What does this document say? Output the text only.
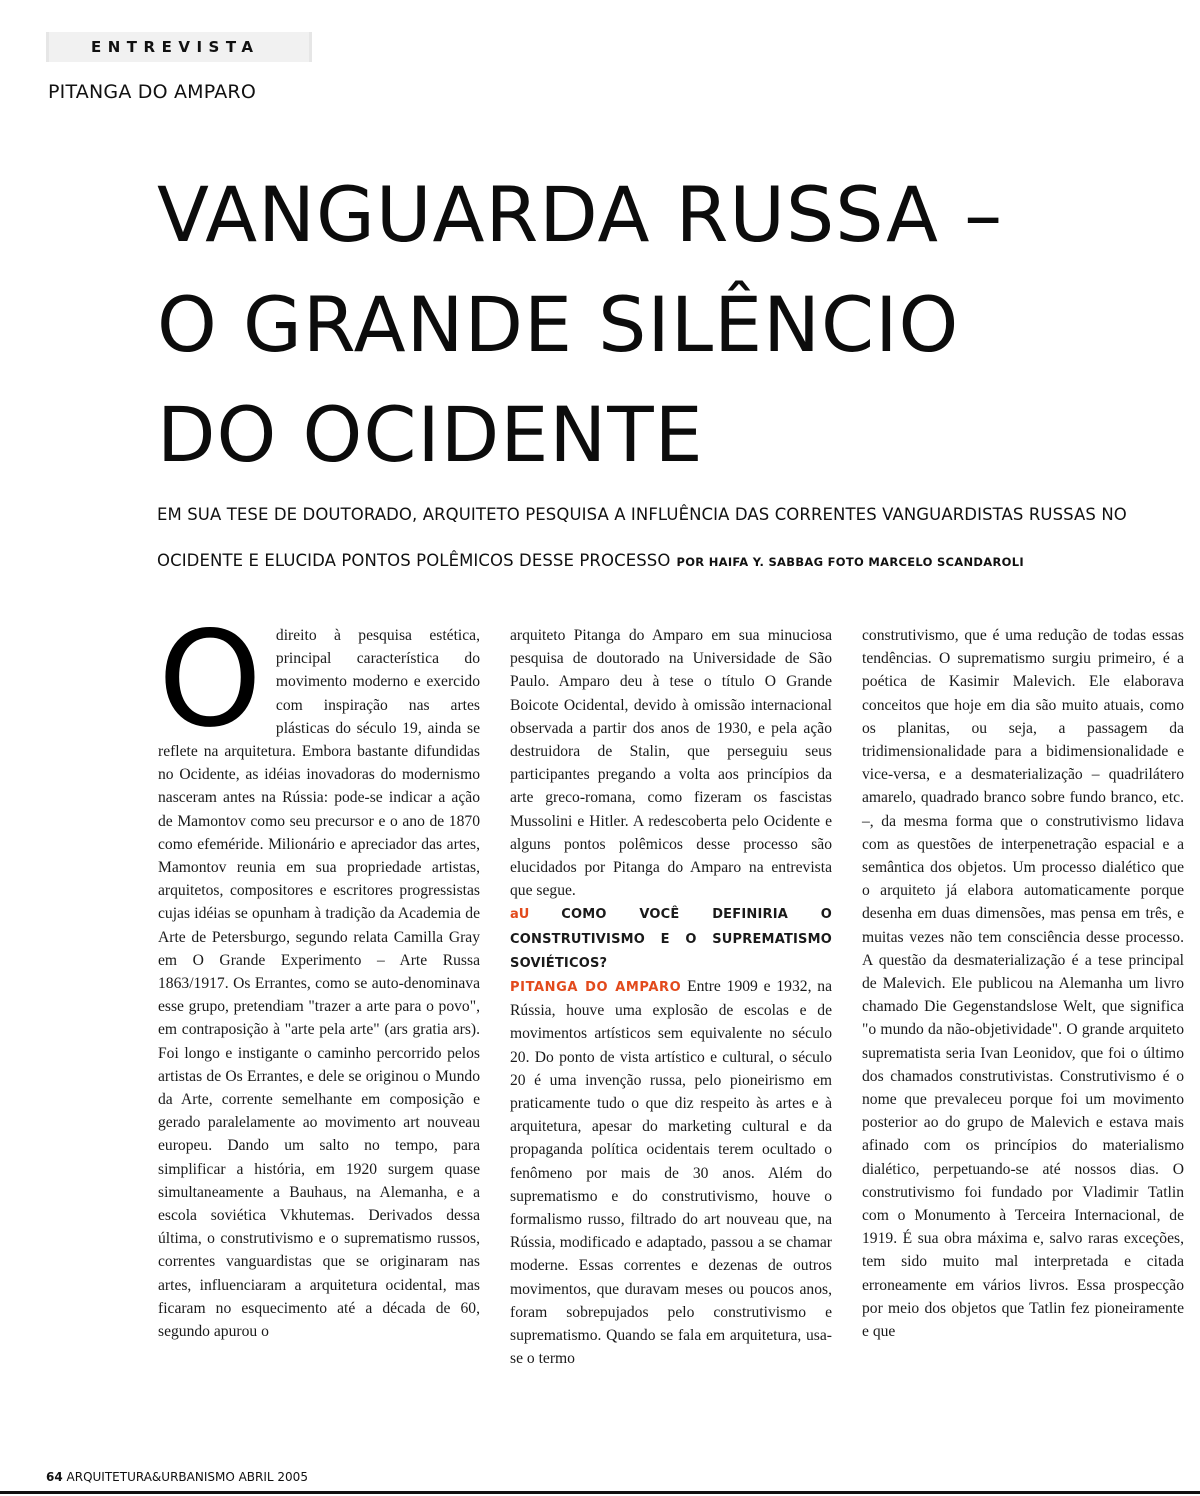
ENTREVISTA
PITANGA DO AMPARO
VANGUARDA RUSSA –
O GRANDE SILÊNCIO
DO OCIDENTE
EM SUA TESE DE DOUTORADO, ARQUITETO PESQUISA A INFLUÊNCIA DAS CORRENTES VANGUARDISTAS RUSSAS NO
OCIDENTE E ELUCIDA PONTOS POLÊMICOS DESSE PROCESSO POR HAIFA Y. SABBAG FOTO MARCELO SCANDAROLI

Odireito à pesquisa estética, principal característica do movimento moderno e exercido com inspiração nas artes plásticas do século 19, ainda se reflete na arquitetura. Embora bastante difundidas no Ocidente, as idéias inovadoras do modernismo nasceram antes na Rússia: pode-se indicar a ação de Mamontov como seu precursor e o ano de 1870 como efeméride. Milionário e apreciador das artes, Mamontov reunia em sua propriedade artistas, arquitetos, compositores e escritores progressistas cujas idéias se opunham à tradição da Academia de Arte de Petersburgo, segundo relata Camilla Gray em O Grande Experimento – Arte Russa 1863/1917. Os Errantes, como se auto-denominava esse grupo, pretendiam "trazer a arte para o povo", em contraposição à "arte pela arte" (ars gratia ars). Foi longo e instigante o caminho percorrido pelos artistas de Os Errantes, e dele se originou o Mundo da Arte, corrente semelhante em composição e gerado paralelamente ao movimento art nouveau europeu. Dando um salto no tempo, para simplificar a história, em 1920 surgem quase simultaneamente a Bauhaus, na Alemanha, e a escola soviética Vkhutemas. Derivados dessa última, o construtivismo e o suprematismo russos, correntes vanguardistas que se originaram nas artes, influenciaram a arquitetura ocidental, mas ficaram no esquecimento até a década de 60, segundo apurou o

arquiteto Pitanga do Amparo em sua minuciosa pesquisa de doutorado na Universidade de São Paulo. Amparo deu à tese o título O Grande Boicote Ocidental, devido à omissão internacional observada a partir dos anos de 1930, e pela ação destruidora de Stalin, que perseguiu seus participantes pregando a volta aos princípios da arte greco-romana, como fizeram os fascistas Mussolini e Hitler. A redescoberta pelo Ocidente e alguns pontos polêmicos desse processo são elucidados por Pitanga do Amparo na entrevista que segue.

aU COMO VOCÊ DEFINIRIA O CONSTRUTIVISMO E O SUPREMATISMO SOVIÉTICOS?

PITANGA DO AMPARO Entre 1909 e 1932, na Rússia, houve uma explosão de escolas e de movimentos artísticos sem equivalente no século 20. Do ponto de vista artístico e cultural, o século 20 é uma invenção russa, pelo pioneirismo em praticamente tudo o que diz respeito às artes e à arquitetura, apesar do marketing cultural e da propaganda política ocidentais terem ocultado o fenômeno por mais de 30 anos. Além do suprematismo e do construtivismo, houve o formalismo russo, filtrado do art nouveau que, na Rússia, modificado e adaptado, passou a se chamar moderne. Essas correntes e dezenas de outros movimentos, que duravam meses ou poucos anos, foram sobrepujados pelo construtivismo e suprematismo. Quando se fala em arquitetura, usa-se o termo

construtivismo, que é uma redução de todas essas tendências. O suprematismo surgiu primeiro, é a poética de Kasimir Malevich. Ele elaborava conceitos que hoje em dia são muito atuais, como os planitas, ou seja, a passagem da tridimensionalidade para a bidimensionalidade e vice-versa, e a desmaterialização – quadrilátero amarelo, quadrado branco sobre fundo branco, etc. –, da mesma forma que o construtivismo lidava com as questões de interpenetração espacial e a semântica dos objetos. Um processo dialético que o arquiteto já elabora automaticamente porque desenha em duas dimensões, mas pensa em três, e muitas vezes não tem consciência desse processo. A questão da desmaterialização é a tese principal de Malevich. Ele publicou na Alemanha um livro chamado Die Gegenstandslose Welt, que significa "o mundo da não-objetividade". O grande arquiteto suprematista seria Ivan Leonidov, que foi o último dos chamados construtivistas. Construtivismo é o nome que prevaleceu porque foi um movimento posterior ao do grupo de Malevich e estava mais afinado com os princípios do materialismo dialético, perpetuando-se até nossos dias. O construtivismo foi fundado por Vladimir Tatlin com o Monumento à Terceira Internacional, de 1919. É sua obra máxima e, salvo raras exceções, tem sido muito mal interpretada e citada erroneamente em vários livros. Essa prospecção por meio dos objetos que Tatlin fez pioneiramente e que

64 ARQUITETURA&URBANISMO ABRIL 2005
